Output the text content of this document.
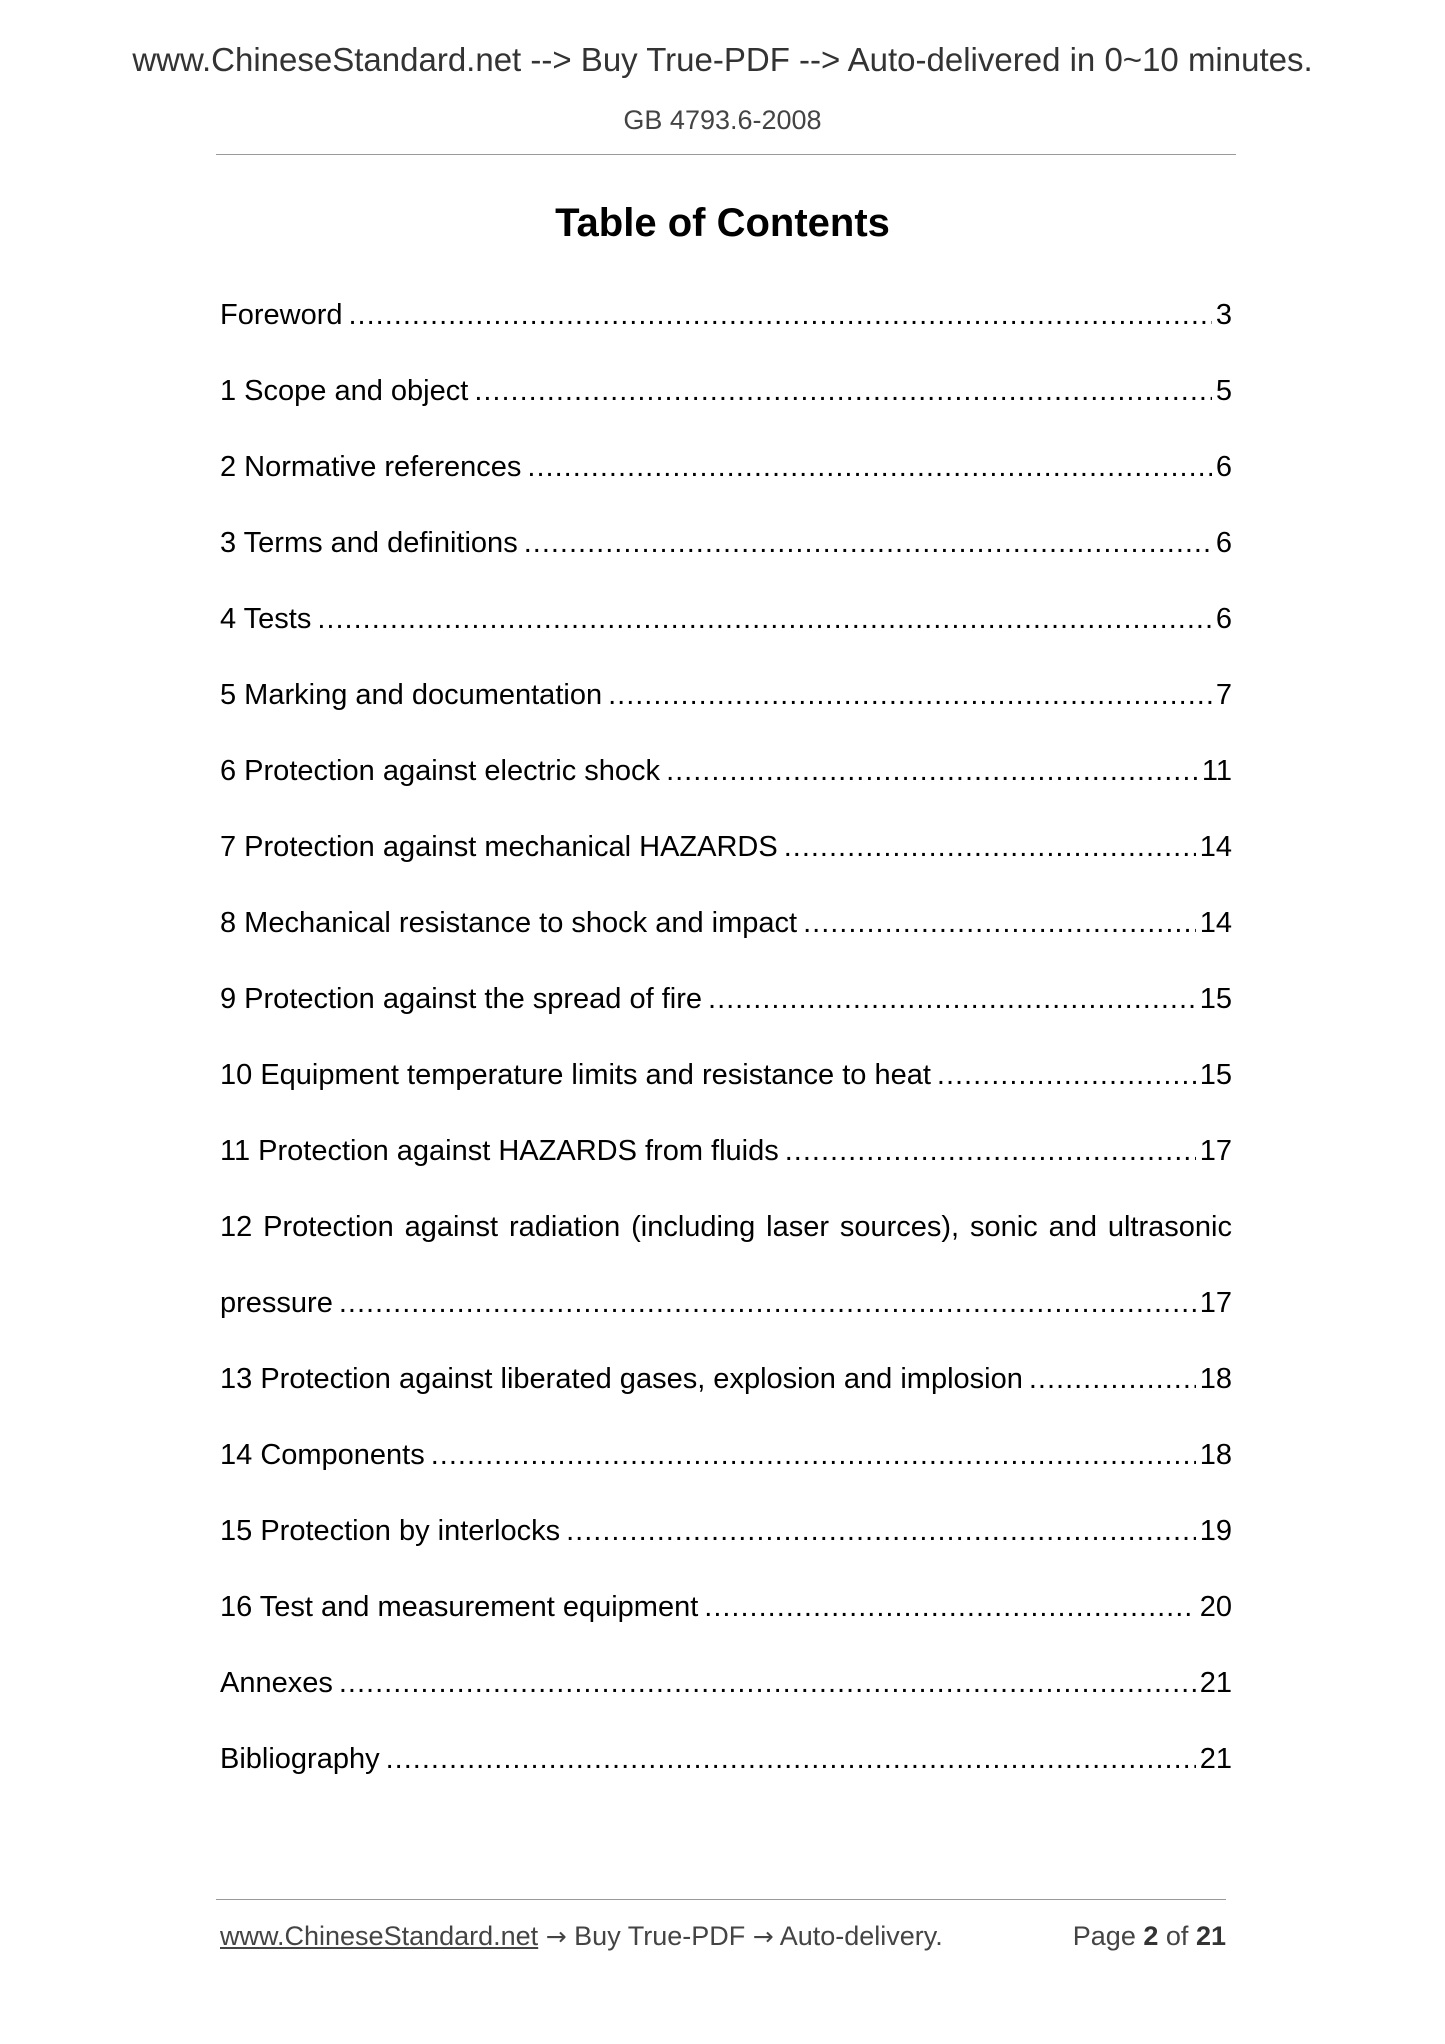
www.ChineseStandard.net --> Buy True-PDF --> Auto-delivered in 0~10 minutes.
GB 4793.6-2008
Table of Contents
Foreword .....	3
1 Scope and object .....	5
2 Normative references .....	6
3 Terms and definitions .....	6
4 Tests .....	6
5 Marking and documentation .....	7
6 Protection against electric shock .....	11
7 Protection against mechanical HAZARDS .....	14
8 Mechanical resistance to shock and impact .....	14
9 Protection against the spread of fire .....	15
10 Equipment temperature limits and resistance to heat .....	15
11 Protection against HAZARDS from fluids .....	17
12 Protection against radiation (including laser sources), sonic and ultrasonic
pressure .....	17
13 Protection against liberated gases, explosion and implosion .....	18
14 Components .....	18
15 Protection by interlocks .....	19
16 Test and measurement equipment .....	20
Annexes .....	21
Bibliography .....	21
www.ChineseStandard.net → Buy True-PDF → Auto-delivery.	Page 2 of 21
